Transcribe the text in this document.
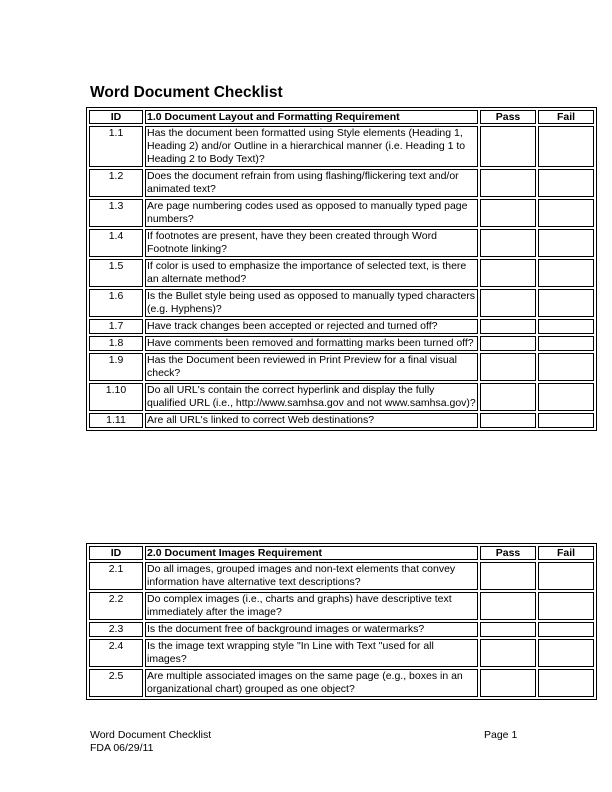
Word Document Checklist
ID	1.0 Document Layout and Formatting Requirement	Pass	Fail
1.1	Has the document been formatted using Style elements (Heading 1, Heading 2) and/or Outline in a hierarchical manner (i.e. Heading 1 to Heading 2 to Body Text)?		
1.2	Does the document refrain from using flashing/flickering text and/or animated text?		
1.3	Are page numbering codes used as opposed to manually typed page numbers?		
1.4	If footnotes are present, have they been created through Word Footnote linking?		
1.5	If color is used to emphasize the importance of selected text, is there an alternate method?		
1.6	Is the Bullet style being used as opposed to manually typed characters (e.g. Hyphens)?		
1.7	Have track changes been accepted or rejected and turned off?		
1.8	Have comments been removed and formatting marks been turned off?		
1.9	Has the Document been reviewed in Print Preview for a final visual check?		
1.10	Do all URL's contain the correct hyperlink and display the fully qualified URL (i.e., http://www.samhsa.gov and not www.samhsa.gov)?		
1.11	Are all URL's linked to correct Web destinations?		
ID	2.0 Document Images Requirement	Pass	Fail
2.1	Do all images, grouped images and non-text elements that convey information have alternative text descriptions?		
2.2	Do complex images (i.e., charts and graphs) have descriptive text immediately after the image?		
2.3	Is the document free of background images or watermarks?		
2.4	Is the image text wrapping style "In Line with Text "used for all images?		
2.5	Are multiple associated images on the same page (e.g., boxes in an organizational chart) grouped as one object?		
Word Document Checklist
FDA 06/29/11
Page 1
